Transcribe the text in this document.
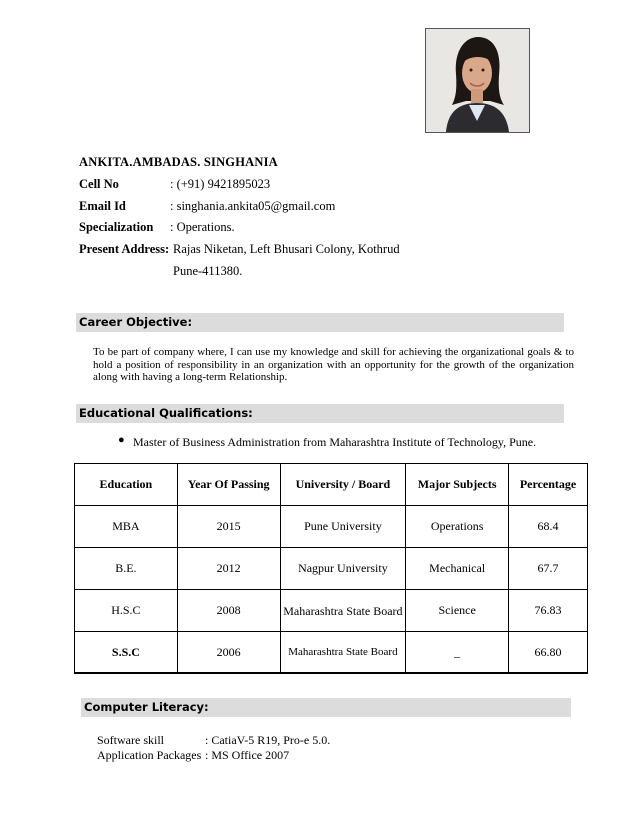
ANKITA.AMBADAS. SINGHANIA
Cell No	: (+91) 9421895023
Email Id	: singhania.ankita05@gmail.com
Specialization : Operations.
Present Address: Rajas Niketan, Left Bhusari Colony, Kothrud
Pune-411380.
Career Objective:
To be part of company where, I can use my knowledge and skill for achieving the organizational goals & to hold a position of responsibility in an organization with an opportunity for the growth of the organization along with having a long-term Relationship.
Educational Qualifications:
● Master of Business Administration from Maharashtra Institute of Technology, Pune.
Education	Year Of Passing	University / Board	Major Subjects	Percentage
MBA	2015	Pune University	Operations	68.4
B.E.	2012	Nagpur University	Mechanical	67.7
H.S.C	2008	Maharashtra State Board	Science	76.83
S.S.C	2006	Maharashtra State Board	_	66.80
Computer Literacy:
Software skill	: CatiaV-5 R19, Pro-e 5.0.
Application Packages : MS Office 2007
